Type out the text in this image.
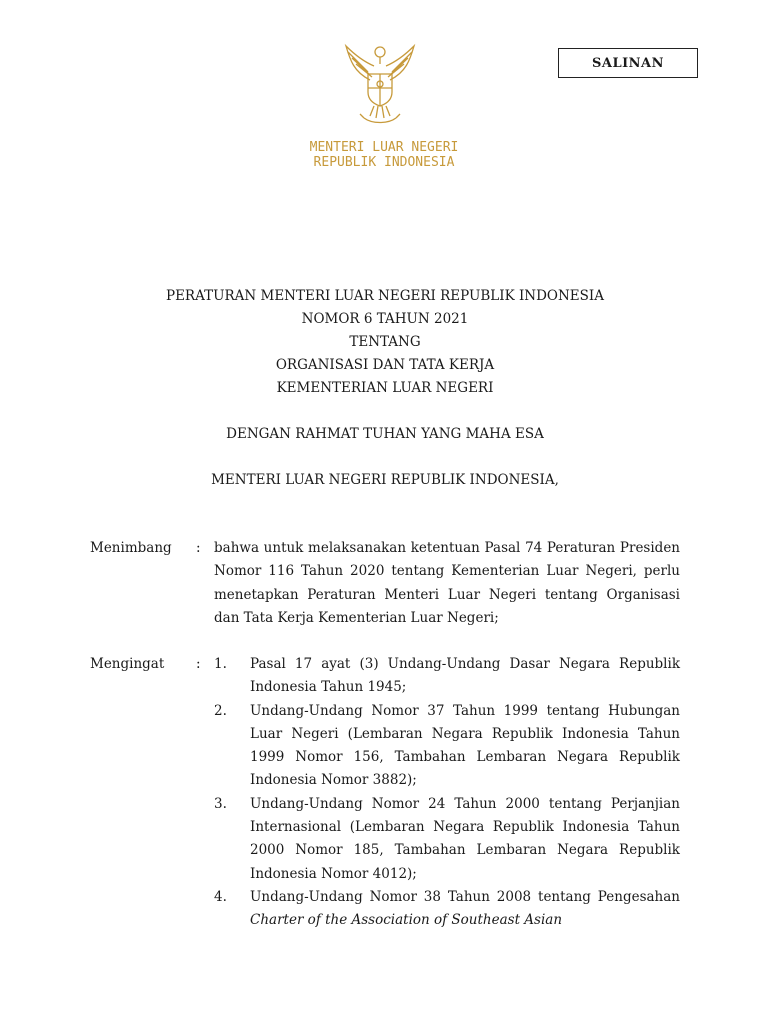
SALINAN
MENTERI LUAR NEGERI
REPUBLIK INDONESIA
PERATURAN MENTERI LUAR NEGERI REPUBLIK INDONESIA
NOMOR 6 TAHUN 2021
TENTANG
ORGANISASI DAN TATA KERJA
KEMENTERIAN LUAR NEGERI
DENGAN RAHMAT TUHAN YANG MAHA ESA
MENTERI LUAR NEGERI REPUBLIK INDONESIA,
Menimbang : bahwa untuk melaksanakan ketentuan Pasal 74 Peraturan Presiden Nomor 116 Tahun 2020 tentang Kementerian Luar Negeri, perlu menetapkan Peraturan Menteri Luar Negeri tentang Organisasi dan Tata Kerja Kementerian Luar Negeri;
Mengingat : 1. Pasal 17 ayat (3) Undang-Undang Dasar Negara Republik Indonesia Tahun 1945;
2. Undang-Undang Nomor 37 Tahun 1999 tentang Hubungan Luar Negeri (Lembaran Negara Republik Indonesia Tahun 1999 Nomor 156, Tambahan Lembaran Negara Republik Indonesia Nomor 3882);
3. Undang-Undang Nomor 24 Tahun 2000 tentang Perjanjian Internasional (Lembaran Negara Republik Indonesia Tahun 2000 Nomor 185, Tambahan Lembaran Negara Republik Indonesia Nomor 4012);
4. Undang-Undang Nomor 38 Tahun 2008 tentang Pengesahan Charter of the Association of Southeast Asian
